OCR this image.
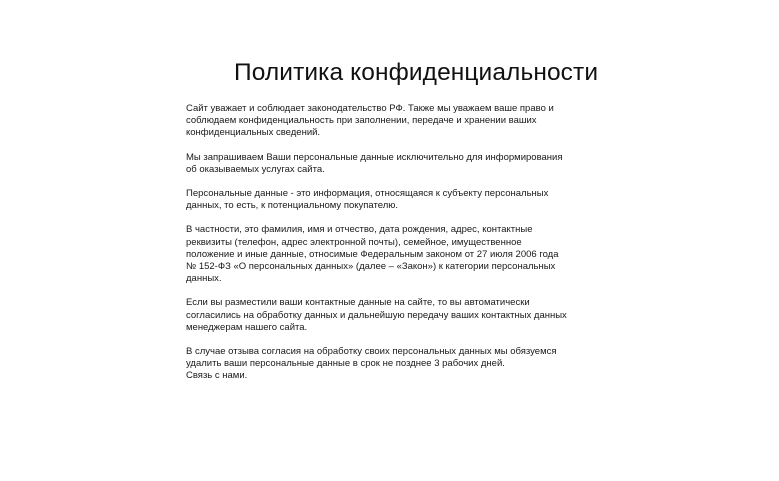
Политика конфиденциальности

Сайт уважает и соблюдает законодательство РФ. Также мы уважаем ваше право и
соблюдаем конфиденциальность при заполнении, передаче и хранении ваших
конфиденциальных сведений.

Мы запрашиваем Ваши персональные данные исключительно для информирования
об оказываемых услугах сайта.

Персональные данные - это информация, относящаяся к субъекту персональных
данных, то есть, к потенциальному покупателю.

В частности, это фамилия, имя и отчество, дата рождения, адрес, контактные
реквизиты (телефон, адрес электронной почты), семейное, имущественное
положение и иные данные, относимые Федеральным законом от 27 июля 2006 года
№ 152-ФЗ «О персональных данных» (далее – «Закон») к категории персональных
данных.

Если вы разместили ваши контактные данные на сайте, то вы автоматически
согласились на обработку данных и дальнейшую передачу ваших контактных данных
менеджерам нашего сайта.

В случае отзыва согласия на обработку своих персональных данных мы обязуемся
удалить ваши персональные данные в срок не позднее 3 рабочих дней.

Связь с нами.
